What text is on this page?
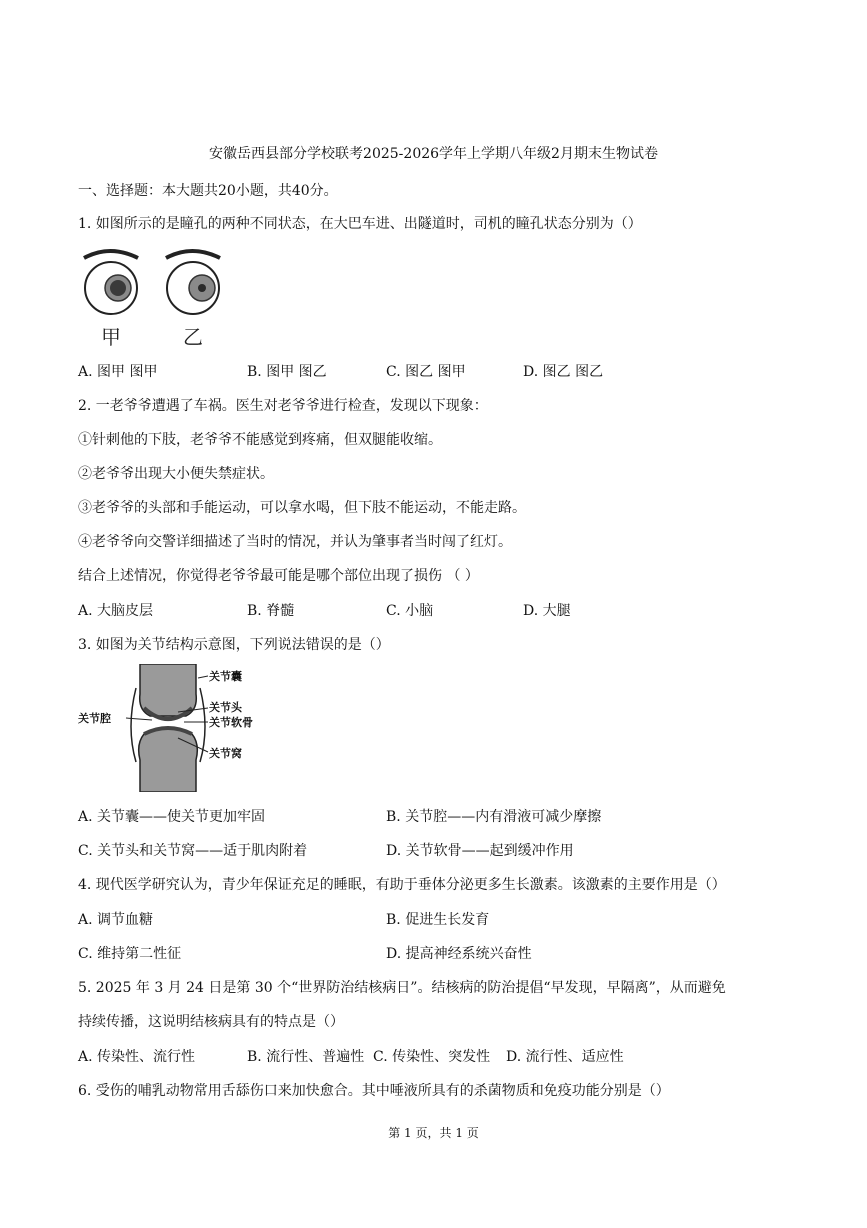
安徽岳西县部分学校联考2025-2026学年上学期八年级2月期末生物试卷
一、选择题：本大题共20小题，共40分。
1. 如图所示的是瞳孔的两种不同状态，在大巴车进、出隧道时，司机的瞳孔状态分别为（）
甲	乙
A. 图甲 图甲	B. 图甲 图乙	C. 图乙 图甲	D. 图乙 图乙
2. 一老爷爷遭遇了车祸。医生对老爷爷进行检查，发现以下现象：
①针刺他的下肢，老爷爷不能感觉到疼痛，但双腿能收缩。
②老爷爷出现大小便失禁症状。
③老爷爷的头部和手能运动，可以拿水喝，但下肢不能运动，不能走路。
④老爷爷向交警详细描述了当时的情况，并认为肇事者当时闯了红灯。
结合上述情况，你觉得老爷爷最可能是哪个部位出现了损伤 （ ）
A. 大脑皮层	B. 脊髓	C. 小脑	D. 大腿
3. 如图为关节结构示意图，下列说法错误的是（）
关节囊
关节腔
关节头
关节软骨
关节窝
A. 关节囊——使关节更加牢固	B. 关节腔——内有滑液可减少摩擦
C. 关节头和关节窝——适于肌肉附着	D. 关节软骨——起到缓冲作用
4. 现代医学研究认为，青少年保证充足的睡眠，有助于垂体分泌更多生长激素。该激素的主要作用是（）
A. 调节血糖	B. 促进生长发育
C. 维持第二性征	D. 提高神经系统兴奋性
5. 2025 年 3 月 24 日是第 30 个“世界防治结核病日”。结核病的防治提倡“早发现，早隔离”，从而避免
持续传播，这说明结核病具有的特点是（）
A. 传染性、流行性	B. 流行性、普遍性 C. 传染性、突发性 D. 流行性、适应性
6. 受伤的哺乳动物常用舌舔伤口来加快愈合。其中唾液所具有的杀菌物质和免疫功能分别是（）
第 1 页，共 1 页
